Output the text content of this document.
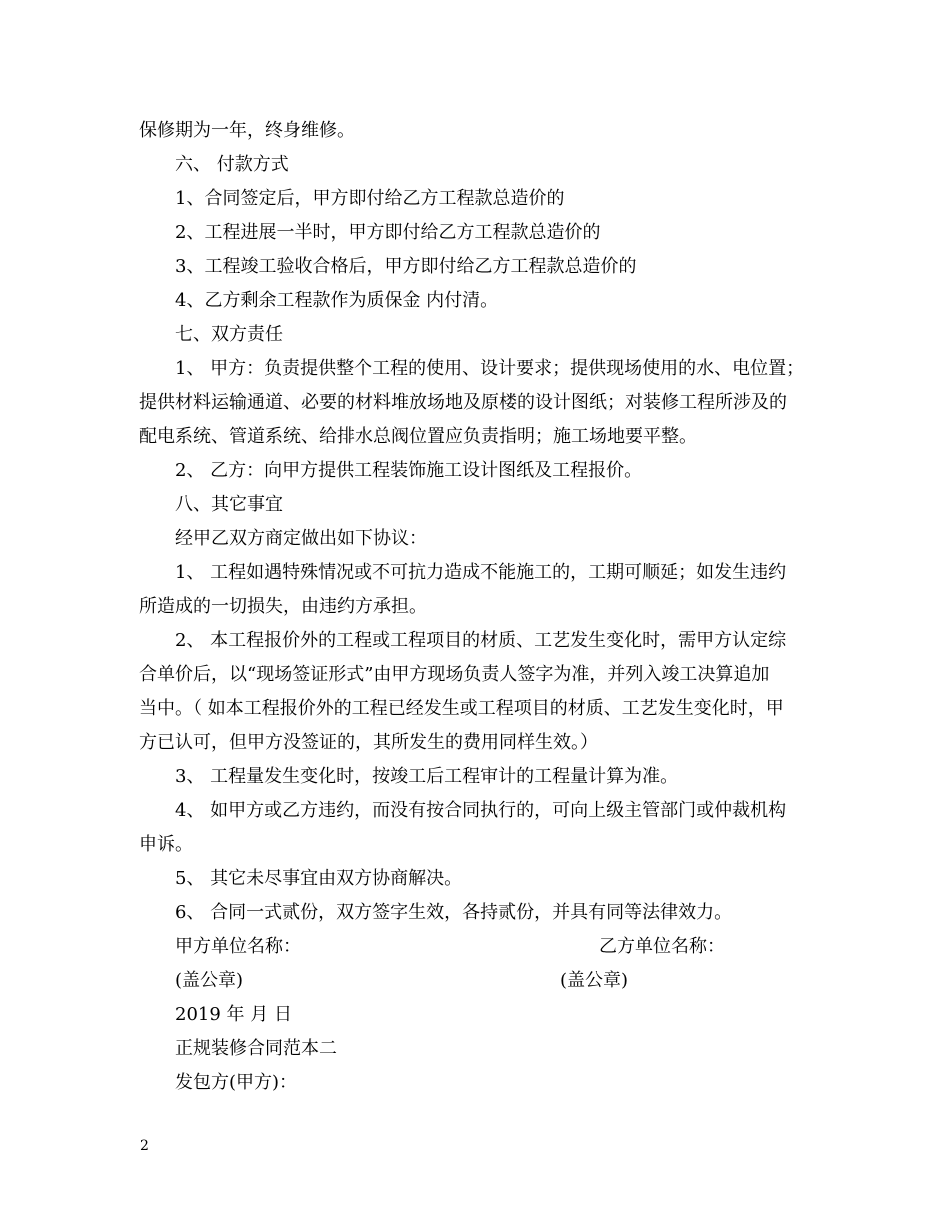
保修期为一年，终身维修。
六、 付款方式
1、合同签定后，甲方即付给乙方工程款总造价的
2、工程进展一半时，甲方即付给乙方工程款总造价的
3、工程竣工验收合格后，甲方即付给乙方工程款总造价的
4、乙方剩余工程款作为质保金 内付清。
七、双方责任
1、 甲方：负责提供整个工程的使用、设计要求；提供现场使用的水、电位置；
提供材料运输通道、必要的材料堆放场地及原楼的设计图纸；对装修工程所涉及的
配电系统、管道系统、给排水总阀位置应负责指明；施工场地要平整。
2、 乙方：向甲方提供工程装饰施工设计图纸及工程报价。
八、其它事宜
经甲乙双方商定做出如下协议：
1、 工程如遇特殊情况或不可抗力造成不能施工的，工期可顺延；如发生违约
所造成的一切损失，由违约方承担。
2、 本工程报价外的工程或工程项目的材质、工艺发生变化时，需甲方认定综
合单价后，以“现场签证形式”由甲方现场负责人签字为准，并列入竣工决算追加
当中。（ 如本工程报价外的工程已经发生或工程项目的材质、工艺发生变化时，甲
方已认可，但甲方没签证的，其所发生的费用同样生效。）
3、 工程量发生变化时，按竣工后工程审计的工程量计算为准。
4、 如甲方或乙方违约，而没有按合同执行的，可向上级主管部门或仲裁机构
申诉。
5、 其它未尽事宜由双方协商解决。
6、 合同一式贰份，双方签字生效，各持贰份，并具有同等法律效力。
甲方单位名称：	乙方单位名称：
(盖公章)	(盖公章)
2019 年 月 日
正规装修合同范本二
发包方(甲方)：
2
